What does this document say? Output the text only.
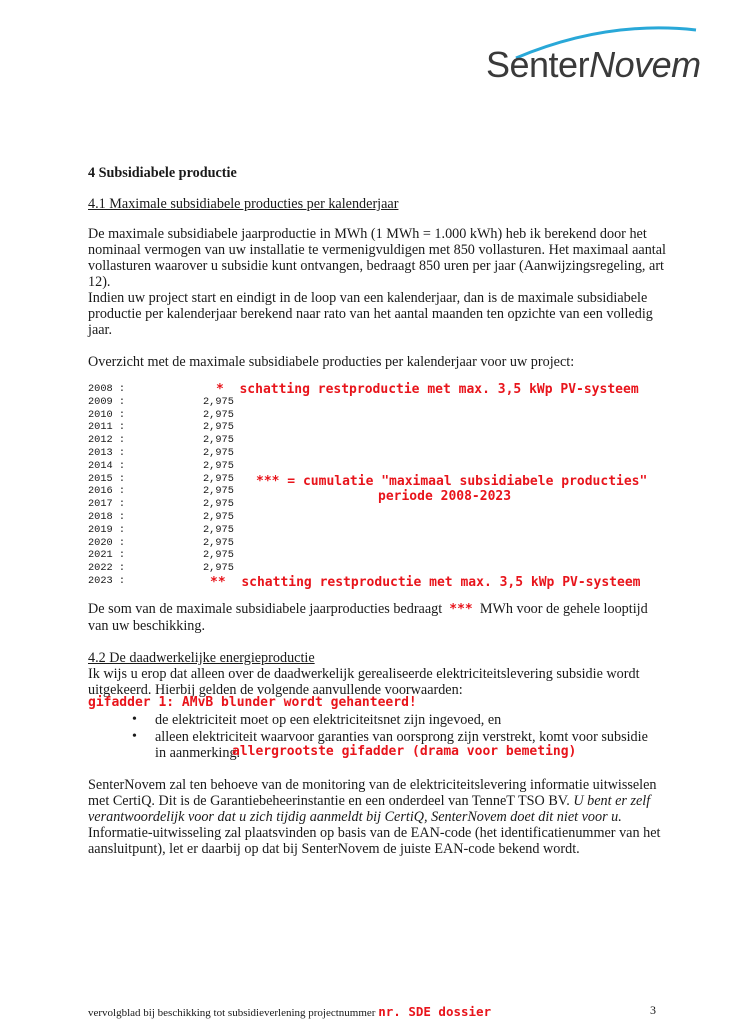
SenterNovem
4 Subsidiabele productie
4.1 Maximale subsidiabele producties per kalenderjaar
De maximale subsidiabele jaarproductie in MWh (1 MWh = 1.000 kWh) heb ik berekend door het nominaal vermogen van uw installatie te vermenigvuldigen met 850 vollasturen. Het maximaal aantal vollasturen waarover u subsidie kunt ontvangen, bedraagt 850 uren per jaar (Aanwijzingsregeling, art 12).
Indien uw project start en eindigt in de loop van een kalenderjaar, dan is de maximale subsidiabele productie per kalenderjaar berekend naar rato van het aantal maanden ten opzichte van een volledig jaar.
Overzicht met de maximale subsidiabele producties per kalenderjaar voor uw project:
2008 :
2009 :	2,975
2010 :	2,975
2011 :	2,975
2012 :	2,975
2013 :	2,975
2014 :	2,975
2015 :	2,975
2016 :	2,975
2017 :	2,975
2018 :	2,975
2019 :	2,975
2020 :	2,975
2021 :	2,975
2022 :	2,975
2023 :
* schatting restproductie met max. 3,5 kWp PV-systeem
*** = cumulatie "maximaal subsidiabele producties"
periode 2008-2023
** schatting restproductie met max. 3,5 kWp PV-systeem
De som van de maximale subsidiabele jaarproducties bedraagt *** MWh voor de gehele looptijd van uw beschikking.
4.2 De daadwerkelijke energieproductie
Ik wijs u erop dat alleen over de daadwerkelijk gerealiseerde elektriciteitslevering subsidie wordt uitgekeerd. Hierbij gelden de volgende aanvullende voorwaarden:
gifadder 1: AMvB blunder wordt gehanteerd!
• de elektriciteit moet op een elektriciteitsnet zijn ingevoed, en
• alleen elektriciteit waarvoor garanties van oorsprong zijn verstrekt, komt voor subsidie in aanmerking.
allergrootste gifadder (drama voor bemeting)
SenterNovem zal ten behoeve van de monitoring van de elektriciteitslevering informatie uitwisselen met CertiQ. Dit is de Garantiebeheerinstantie en een onderdeel van TenneT TSO BV. U bent er zelf verantwoordelijk voor dat u zich tijdig aanmeldt bij CertiQ, SenterNovem doet dit niet voor u. Informatie-uitwisseling zal plaatsvinden op basis van de EAN-code (het identificatienummer van het aansluitpunt), let er daarbij op dat bij SenterNovem de juiste EAN-code bekend wordt.
vervolgblad bij beschikking tot subsidieverlening projectnummer nr. SDE dossier	3
